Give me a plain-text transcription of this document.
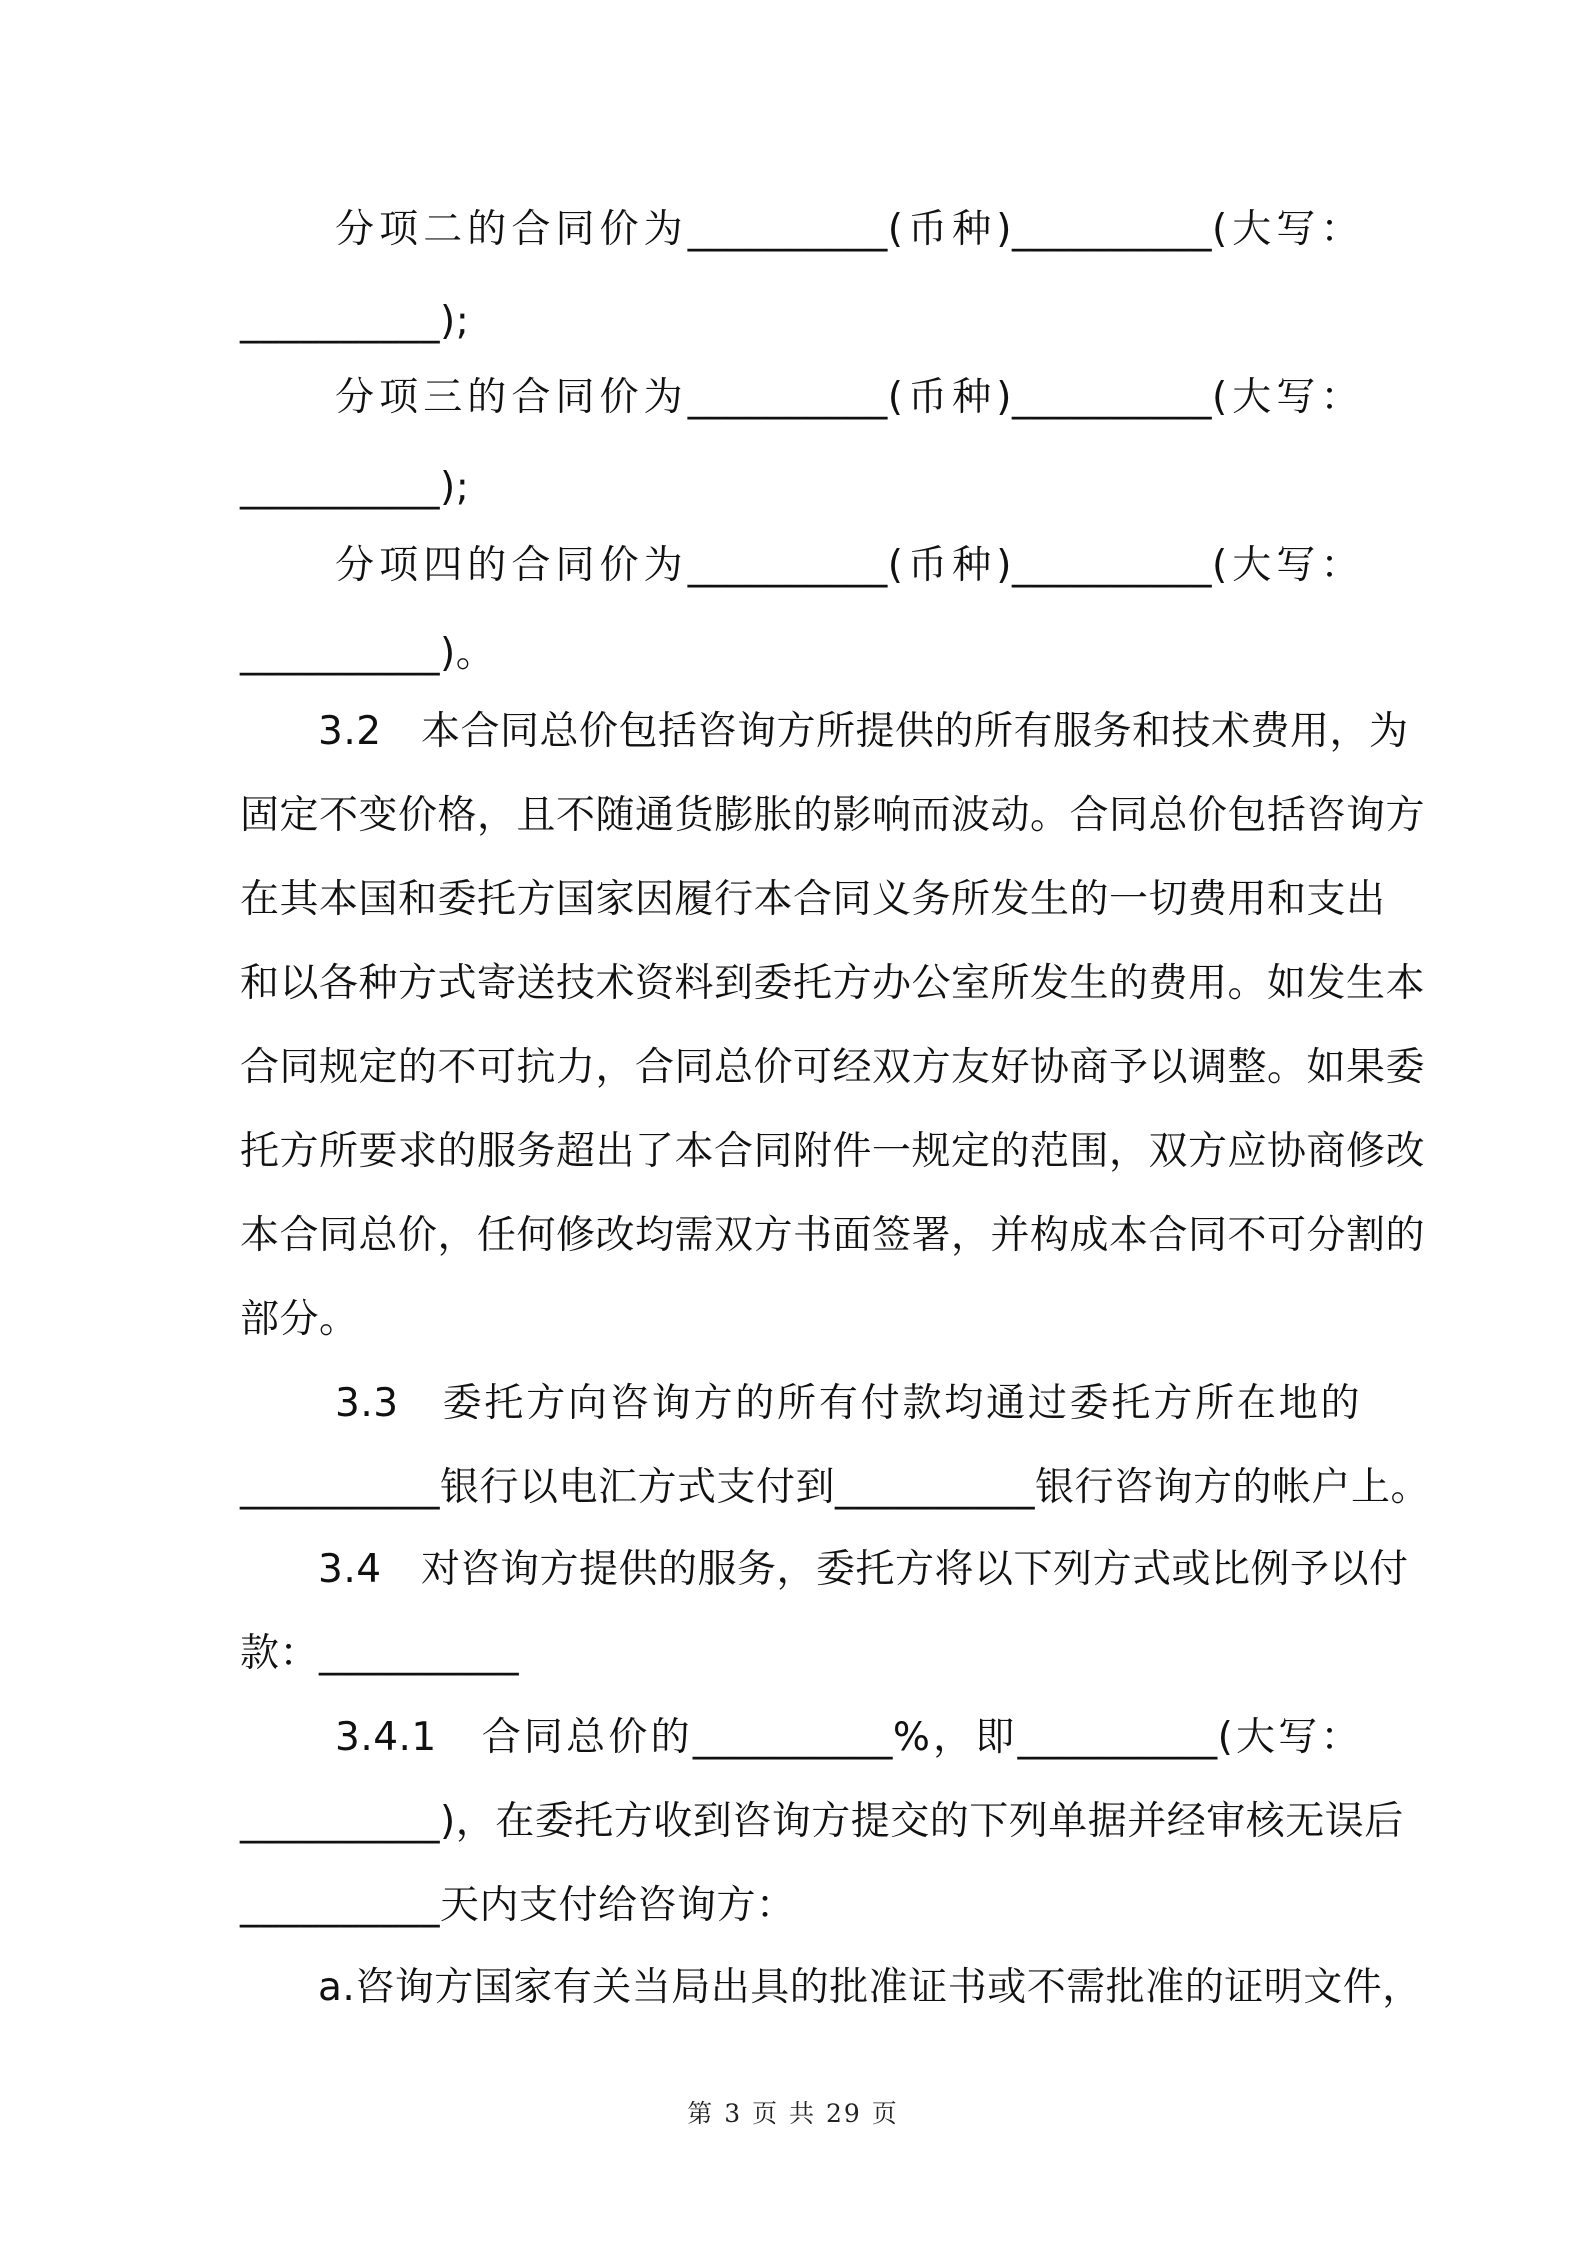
分项二的合同价为__________(币种)__________(大写：
__________);
分项三的合同价为__________(币种)__________(大写：
__________);
分项四的合同价为__________(币种)__________(大写：
__________)。
3.2　本合同总价包括咨询方所提供的所有服务和技术费用，为
固定不变价格，且不随通货膨胀的影响而波动。合同总价包括咨询方
在其本国和委托方国家因履行本合同义务所发生的一切费用和支出
和以各种方式寄送技术资料到委托方办公室所发生的费用。如发生本
合同规定的不可抗力，合同总价可经双方友好协商予以调整。如果委
托方所要求的服务超出了本合同附件一规定的范围，双方应协商修改
本合同总价，任何修改均需双方书面签署，并构成本合同不可分割的
部分。
3.3　委托方向咨询方的所有付款均通过委托方所在地的
__________银行以电汇方式支付到__________银行咨询方的帐户上。
3.4　对咨询方提供的服务，委托方将以下列方式或比例予以付
款：__________
3.4.1　合同总价的__________%，即__________(大写：
__________)，在委托方收到咨询方提交的下列单据并经审核无误后
__________天内支付给咨询方：
a.咨询方国家有关当局出具的批准证书或不需批准的证明文件，
第 3 页 共 29 页
